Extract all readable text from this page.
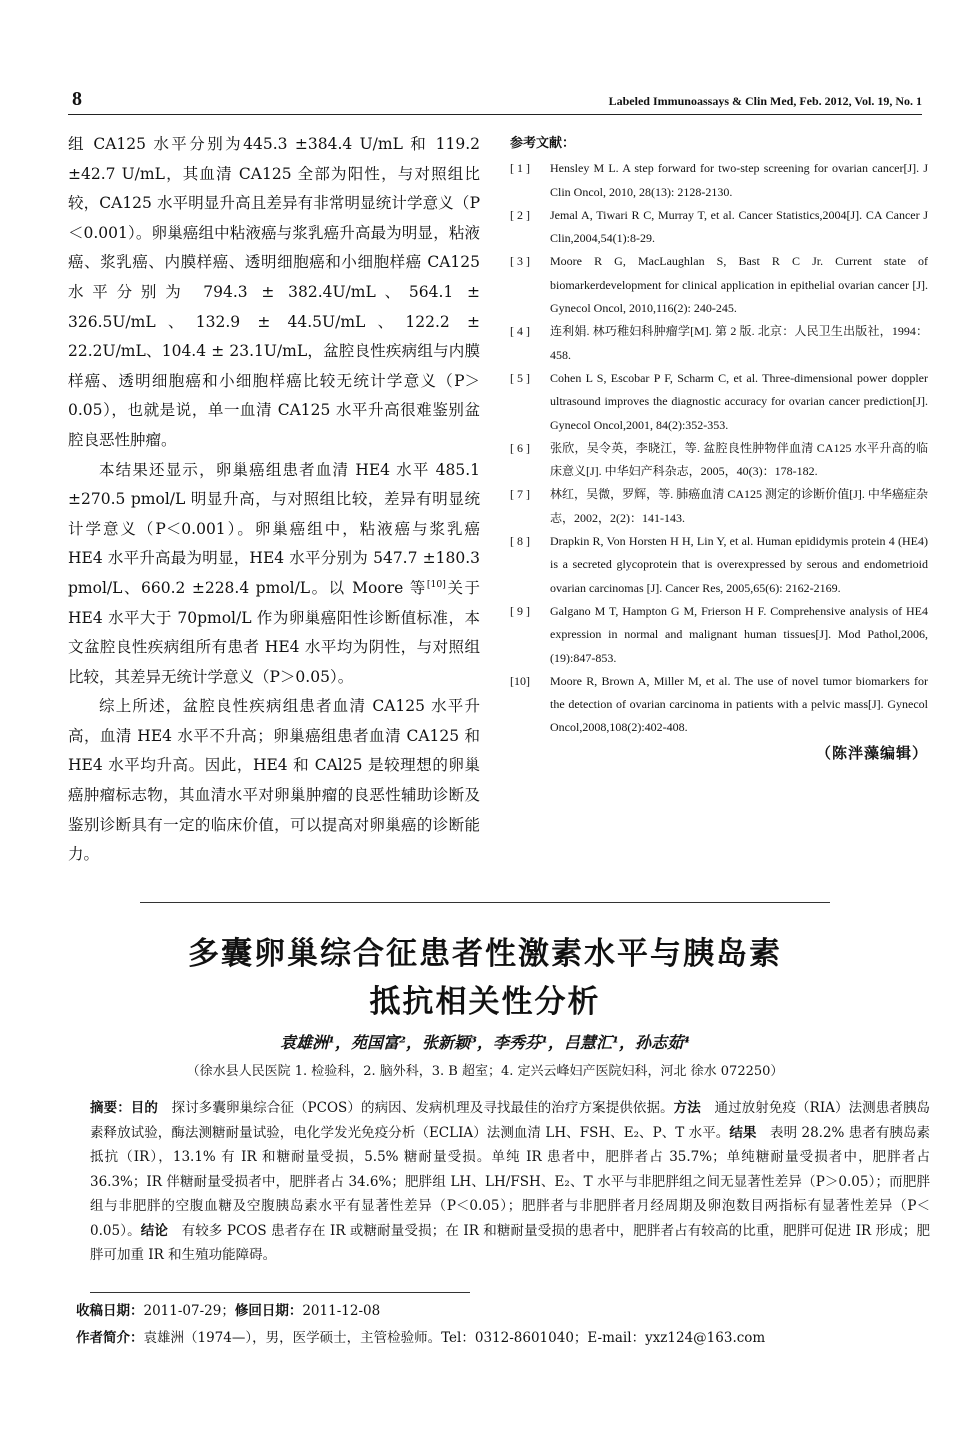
8	Labeled Immunoassays & Clin Med, Feb. 2012, Vol. 19, No. 1

组 CA125 水平分别为445.3 ±384.4 U/mL 和 119.2 ±42.7 U/mL，其血清 CA125 全部为阳性，与对照组比较，CA125 水平明显升高且差异有非常明显统计学意义（P＜0.001）。卵巢癌组中粘液癌与浆乳癌升高最为明显，粘液癌、浆乳癌、内膜样癌、透明细胞癌和小细胞样癌 CA125 水平分别为 794.3 ± 382.4U/mL、564.1 ± 326.5U/mL、132.9 ± 44.5U/mL、122.2 ± 22.2U/mL、104.4 ± 23.1U/mL，盆腔良性疾病组与内膜样癌、透明细胞癌和小细胞样癌比较无统计学意义（P＞0.05），也就是说，单一血清 CA125 水平升高很难鉴别盆腔良恶性肿瘤。

本结果还显示，卵巢癌组患者血清 HE4 水平 485.1 ±270.5 pmol/L 明显升高，与对照组比较，差异有明显统计学意义（P＜0.001）。卵巢癌组中，粘液癌与浆乳癌 HE4 水平升高最为明显，HE4 水平分别为 547.7 ±180.3 pmol/L、660.2 ±228.4 pmol/L。以 Moore 等[10]关于 HE4 水平大于 70pmol/L 作为卵巢癌阳性诊断值标准，本文盆腔良性疾病组所有患者 HE4 水平均为阴性，与对照组比较，其差异无统计学意义（P＞0.05）。

综上所述，盆腔良性疾病组患者血清 CA125 水平升高，血清 HE4 水平不升高；卵巢癌组患者血清 CA125 和 HE4 水平均升高。因此，HE4 和 CAl25 是较理想的卵巢癌肿瘤标志物，其血清水平对卵巢肿瘤的良恶性辅助诊断及鉴别诊断具有一定的临床价值，可以提高对卵巢癌的诊断能力。

参考文献：
[ 1 ]	Hensley M L. A step forward for two-step screening for ovarian cancer[J]. J Clin Oncol, 2010, 28(13): 2128-2130.
[ 2 ]	Jemal A, Tiwari R C, Murray T, et al. Cancer Statistics,2004[J]. CA Cancer J Clin,2004,54(1):8-29.
[ 3 ]	Moore R G, MacLaughlan S, Bast R C Jr. Current state of biomarkerdevelopment for clinical application in epithelial ovarian cancer [J]. Gynecol Oncol, 2010,116(2): 240-245.
[ 4 ]	连利娟. 林巧稚妇科肿瘤学[M]. 第 2 版. 北京：人民卫生出版社，1994：458.
[ 5 ]	Cohen L S, Escobar P F, Scharm C, et al. Three-dimensional power doppler ultrasound improves the diagnostic accuracy for ovarian cancer prediction[J]. Gynecol Oncol,2001, 84(2):352-353.
[ 6 ]	张欣，吴令英，李晓江，等. 盆腔良性肿物伴血清 CA125 水平升高的临床意义[J]. 中华妇产科杂志，2005，40(3)：178-182.
[ 7 ]	林红，吴微，罗辉，等. 肺癌血清 CA125 测定的诊断价值[J]. 中华癌症杂志，2002，2(2)：141-143.
[ 8 ]	Drapkin R, Von Horsten H H, Lin Y, et al. Human epididymis protein 4 (HE4) is a secreted glycoprotein that is overexpressed by serous and endometrioid ovarian carcinomas [J]. Cancer Res, 2005,65(6): 2162-2169.
[ 9 ]	Galgano M T, Hampton G M, Frierson H F. Comprehensive analysis of HE4 expression in normal and malignant human tissues[J]. Mod Pathol,2006,(19):847-853.
[10]	Moore R, Brown A, Miller M, et al. The use of novel tumor biomarkers for the detection of ovarian carcinoma in patients with a pelvic mass[J]. Gynecol Oncol,2008,108(2):402-408.
（陈泮藻编辑）
多囊卵巢综合征患者性激素水平与胰岛素
抵抗相关性分析
袁雄洲¹，苑国富²，张新颖³，李秀芬¹，吕慧汇¹，孙志茹⁴
（徐水县人民医院 1. 检验科，2. 脑外科，3. B 超室；4. 定兴云峰妇产医院妇科，河北 徐水 072250）
摘要：目的　 探讨多囊卵巢综合征（PCOS）的病因、发病机理及寻找最佳的治疗方案提供依据。方法　 通过放射免疫（RIA）法测患者胰岛素释放试验，酶法测糖耐量试验，电化学发光免疫分析（ECLIA）法测血清 LH、FSH、E₂、P、T 水平。结果　 表明 28.2% 患者有胰岛素抵抗（IR），13.1% 有 IR 和糖耐量受损，5.5% 糖耐量受损。单纯 IR 患者中，肥胖者占 35.7%；单纯糖耐量受损者中，肥胖者占 36.3%；IR 伴糖耐量受损者中，肥胖者占 34.6%；肥胖组 LH、LH/FSH、E₂、T 水平与非肥胖组之间无显著性差异（P＞0.05）；而肥胖组与非肥胖的空腹血糖及空腹胰岛素水平有显著性差异（P＜0.05）；肥胖者与非肥胖者月经周期及卵泡数目两指标有显著性差异（P＜0.05）。结论　 有较多 PCOS 患者存在 IR 或糖耐量受损；在 IR 和糖耐量受损的患者中，肥胖者占有较高的比重，肥胖可促进 IR 形成；肥胖可加重 IR 和生殖功能障碍。
收稿日期：2011-07-29；修回日期：2011-12-08
作者简介：袁雄洲（1974—），男，医学硕士，主管检验师。Tel：0312-8601040；E-mail：yxz124@163.com
